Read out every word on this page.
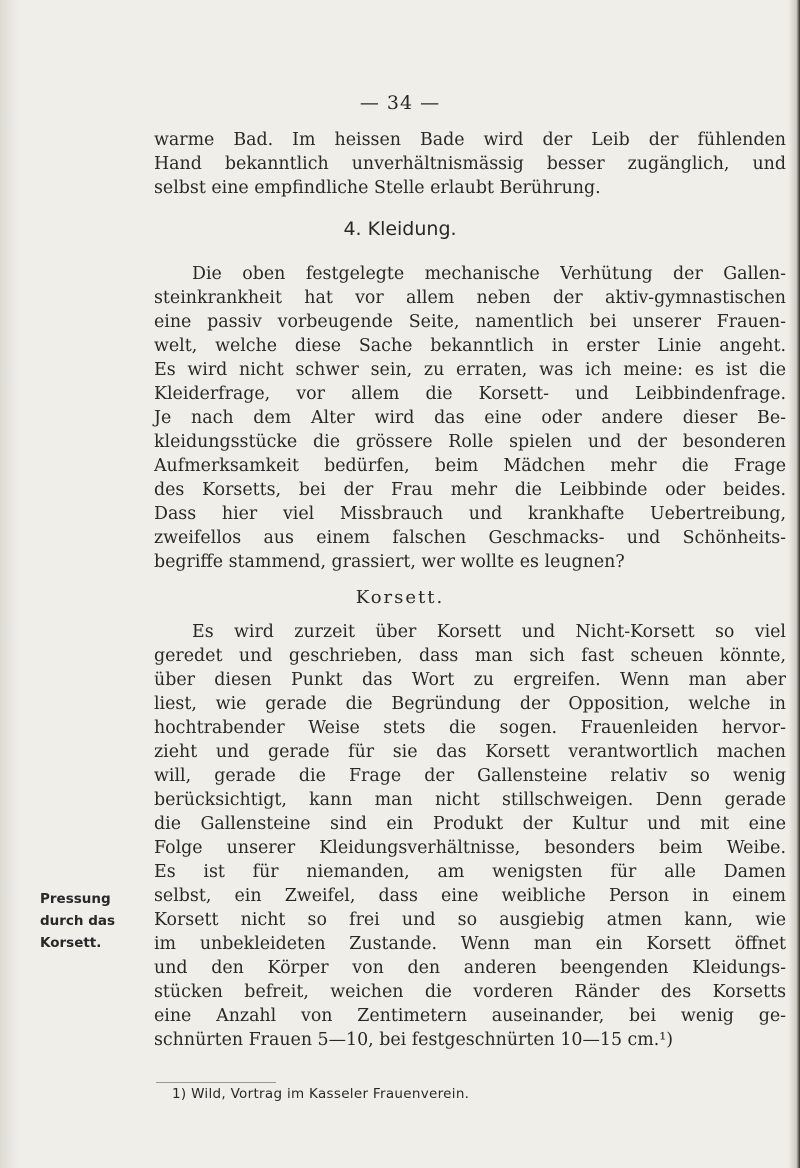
— 34 —
warme Bad. Im heissen Bade wird der Leib der fühlenden
Hand bekanntlich unverhältnismässig besser zugänglich, und
selbst eine empfindliche Stelle erlaubt Berührung.
4. Kleidung.
Die oben festgelegte mechanische Verhütung der Gallen-
steinkrankheit hat vor allem neben der aktiv-gymnastischen
eine passiv vorbeugende Seite, namentlich bei unserer Frauen-
welt, welche diese Sache bekanntlich in erster Linie angeht.
Es wird nicht schwer sein, zu erraten, was ich meine: es ist die
Kleiderfrage, vor allem die Korsett- und Leibbindenfrage.
Je nach dem Alter wird das eine oder andere dieser Be-
kleidungsstücke die grössere Rolle spielen und der besonderen
Aufmerksamkeit bedürfen, beim Mädchen mehr die Frage
des Korsetts, bei der Frau mehr die Leibbinde oder beides.
Dass hier viel Missbrauch und krankhafte Uebertreibung,
zweifellos aus einem falschen Geschmacks- und Schönheits-
begriffe stammend, grassiert, wer wollte es leugnen?
Korsett.
Es wird zurzeit über Korsett und Nicht-Korsett so viel
geredet und geschrieben, dass man sich fast scheuen könnte,
über diesen Punkt das Wort zu ergreifen. Wenn man aber
liest, wie gerade die Begründung der Opposition, welche in
hochtrabender Weise stets die sogen. Frauenleiden hervor-
zieht und gerade für sie das Korsett verantwortlich machen
will, gerade die Frage der Gallensteine relativ so wenig
berücksichtigt, kann man nicht stillschweigen. Denn gerade
die Gallensteine sind ein Produkt der Kultur und mit eine
Folge unserer Kleidungsverhältnisse, besonders beim Weibe.
Es ist für niemanden, am wenigsten für alle Damen
selbst, ein Zweifel, dass eine weibliche Person in einem
Korsett nicht so frei und so ausgiebig atmen kann, wie
im unbekleideten Zustande. Wenn man ein Korsett öffnet
und den Körper von den anderen beengenden Kleidungs-
stücken befreit, weichen die vorderen Ränder des Korsetts
eine Anzahl von Zentimetern auseinander, bei wenig ge-
schnürten Frauen 5—10, bei festgeschnürten 10—15 cm.¹)
Pressung
durch das
Korsett.
1) Wild, Vortrag im Kasseler Frauenverein.
